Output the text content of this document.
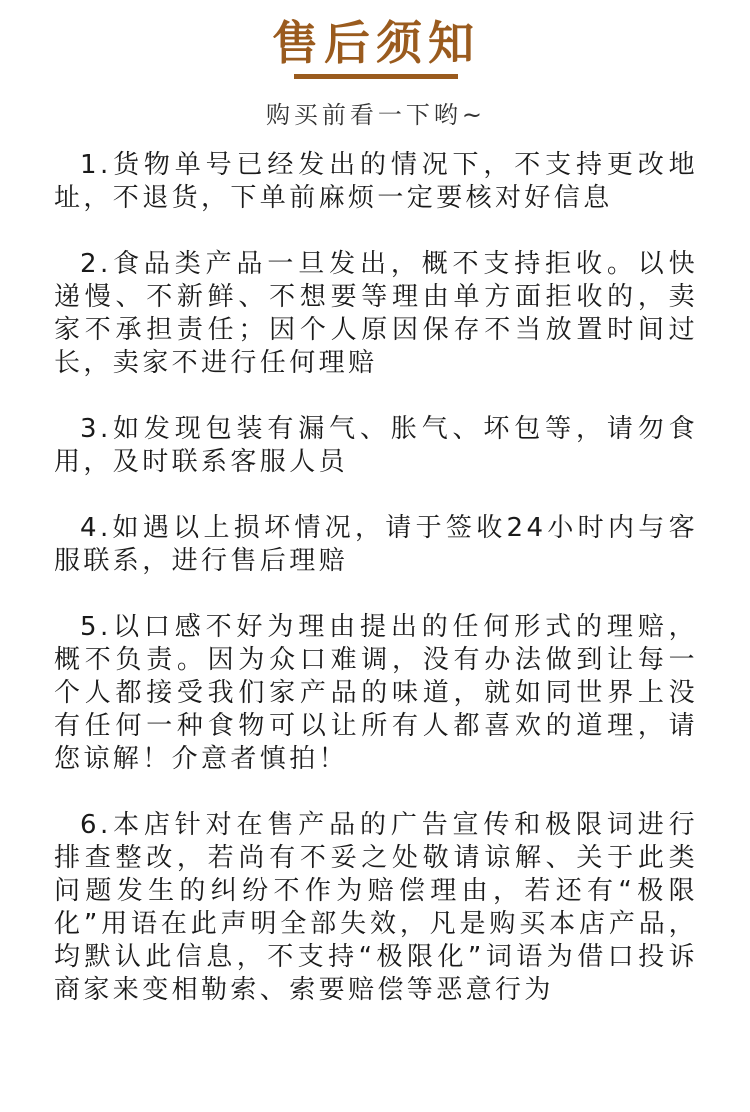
售后须知
购买前看一下哟~

1.货物单号已经发出的情况下，不支持更改地址，不退货，下单前麻烦一定要核对好信息

2.食品类产品一旦发出，概不支持拒收。以快递慢、不新鲜、不想要等理由单方面拒收的，卖家不承担责任；因个人原因保存不当放置时间过长，卖家不进行任何理赔

3.如发现包装有漏气、胀气、坏包等，请勿食用，及时联系客服人员

4.如遇以上损坏情况，请于签收24小时内与客服联系，进行售后理赔

5.以口感不好为理由提出的任何形式的理赔，概不负责。因为众口难调，没有办法做到让每一个人都接受我们家产品的味道，就如同世界上没有任何一种食物可以让所有人都喜欢的道理，请您谅解！介意者慎拍！

6.本店针对在售产品的广告宣传和极限词进行排查整改，若尚有不妥之处敬请谅解、关于此类问题发生的纠纷不作为赔偿理由，若还有“极限化”用语在此声明全部失效，凡是购买本店产品，均默认此信息，不支持“极限化”词语为借口投诉商家来变相勒索、索要赔偿等恶意行为
